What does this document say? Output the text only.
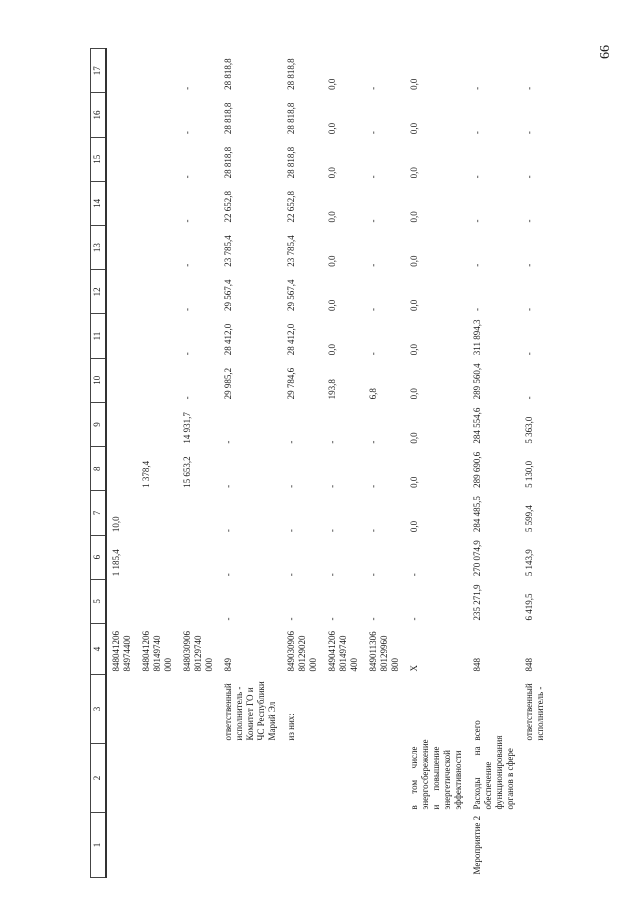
66
1	2	3	4	5	6	7	8	9	10	11	12	13	14	15	16	17
			848041206 84974400		1 185,4	10,0										
			848041206 80149740 000				1 378,4									
			848030906 80129740 000				15 653,2	14 931,7	-	-	-	-	-	-	-	-
		ответственный исполнитель - Комитет ГО и ЧС Республики Марий Эл	849	-	-	-	-	-	29 985,2	28 412,0	29 567,4	23 785,4	22 652,8	28 818,8	28 818,8	28 818,8
		из них:	849030906 80129020 000	-	-	-	-	-	29 784,6	28 412,0	29 567,4	23 785,4	22 652,8	28 818,8	28 818,8	28 818,8
			849041206 80149740 400	-	-	-	-	-	193,8	0,0	0,0	0,0	0,0	0,0	0,0	0,0
			849011306 80129960 800	-	-	-	-	-	6,8	-	-	-	-	-	-	-
	в том числе энергосбережение и повышение энергетической эффективности		X	-	-	0,0	0,0	0,0	0,0	0,0	0,0	0,0	0,0	0,0	0,0	0,0
Мероприятие 2	Расходы на обеспечение функционирования органов в сфере	всего	848	235 271,9	270 074,9	284 485,5	289 690,6	284 554,6	289 560,4	311 894,3	-	-	-	-	-	-
		ответственный исполнитель -	848	6 419,5	5 143,9	5 599,4	5 130,0	5 363,0	-	-	-	-	-	-	-	-
